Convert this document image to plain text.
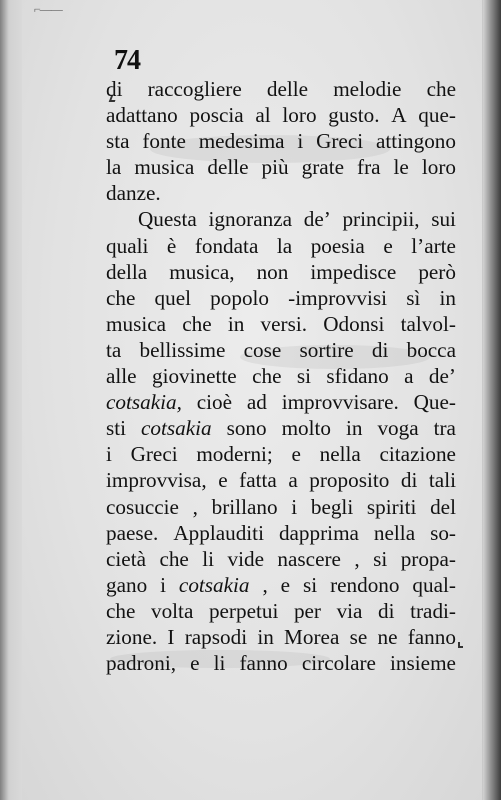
⌐——
74
di raccogliere delle melodie che
adattano poscia al loro gusto. A que-
sta fonte medesima i Greci attingono
la musica delle più grate fra le loro
danze.
Questa ignoranza de’ principii, sui
quali è fondata la poesia e l’arte
della musica, non impedisce però
che quel popolo -improvvisi sì in
musica che in versi. Odonsi talvol-
ta bellissime cose sortire di bocca
alle giovinette che si sfidano a de’
cotsakia, cioè ad improvvisare. Que-
sti cotsakia sono molto in voga tra
i Greci moderni; e nella citazione
improvvisa, e fatta a proposito di tali
cosuccie , brillano i begli spiriti del
paese. Applauditi dapprima nella so-
cietà che li vide nascere , si propa-
gano i cotsakia , e si rendono qual-
che volta perpetui per via di tradi-
zione. I rapsodi in Morea se ne fanno
padroni, e li fanno circolare insieme
